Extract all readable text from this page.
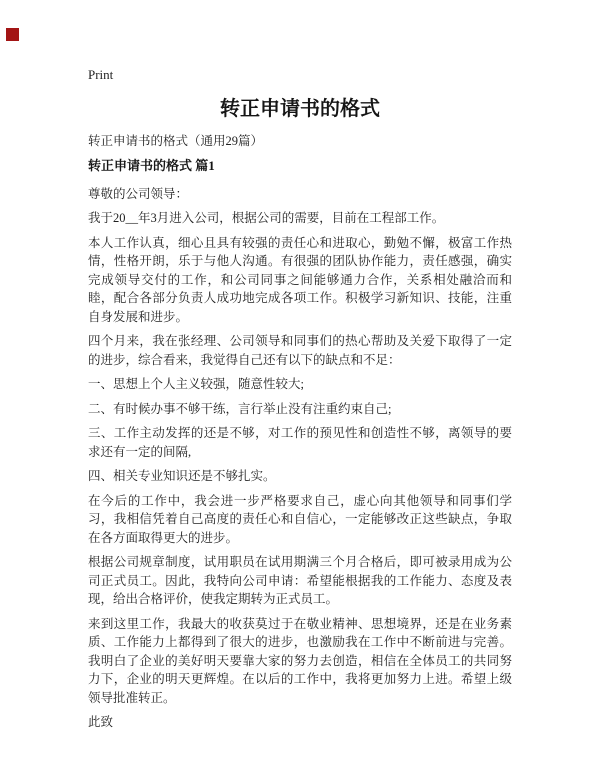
Print
转正申请书的格式

转正申请书的格式（通用29篇）

转正申请书的格式 篇1

尊敬的公司领导：

我于20__年3月进入公司，根据公司的需要，目前在工程部工作。

本人工作认真，细心且具有较强的责任心和进取心，勤勉不懈，极富工作热情，性格开朗，乐于与他人沟通。有很强的团队协作能力，责任感强，确实完成领导交付的工作，和公司同事之间能够通力合作，关系相处融洽而和睦，配合各部分负责人成功地完成各项工作。积极学习新知识、技能，注重自身发展和进步。

四个月来，我在张经理、公司领导和同事们的热心帮助及关爱下取得了一定的进步，综合看来，我觉得自己还有以下的缺点和不足：

一、思想上个人主义较强，随意性较大;

二、有时候办事不够干练，言行举止没有注重约束自己;

三、工作主动发挥的还是不够，对工作的预见性和创造性不够，离领导的要求还有一定的间隔,

四、相关专业知识还是不够扎实。

在今后的工作中，我会进一步严格要求自己，虚心向其他领导和同事们学习，我相信凭着自己高度的责任心和自信心，一定能够改正这些缺点，争取在各方面取得更大的进步。

根据公司规章制度，试用职员在试用期满三个月合格后，即可被录用成为公司正式员工。因此，我特向公司申请：希望能根据我的工作能力、态度及表现，给出合格评价，使我定期转为正式员工。

来到这里工作，我最大的收获莫过于在敬业精神、思想境界，还是在业务素质、工作能力上都得到了很大的进步，也激励我在工作中不断前进与完善。我明白了企业的美好明天要靠大家的努力去创造，相信在全体员工的共同努力下，企业的明天更辉煌。在以后的工作中，我将更加努力上进。希望上级领导批准转正。

此致
